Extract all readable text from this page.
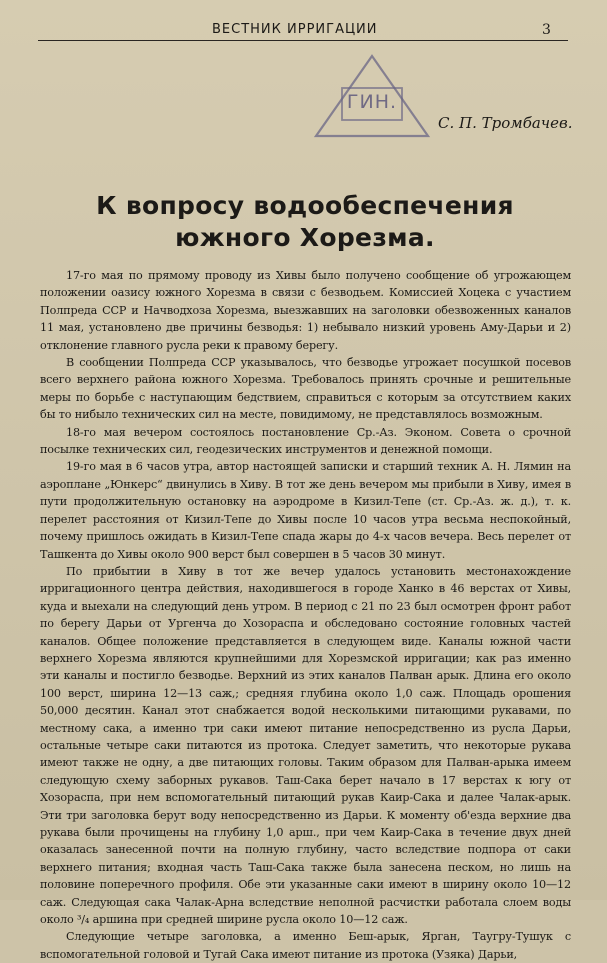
ВЕСТНИК ИРРИГАЦИИ	3
ГИН.
С. П. Тромбачев.
К вопросу водообеспечения южного Хорезма.

17-го мая по прямому проводу из Хивы было получено сообщение об угрожающем положении оазису южного Хорезма в связи с безводьем. Комиссией Хоцека с участием Полпреда ССР и Начводхоза Хорезма, выезжавших на заголовки обезвоженных каналов 11 мая, установлено две причины безводья: 1) небывало низкий уровень Аму-Дарьи и 2) отклонение главного русла реки к правому берегу.

В сообщении Полпреда ССР указывалось, что безводье угрожает посушкой посевов всего верхнего района южного Хорезма. Требовалось принять срочные и решительные меры по борьбе с наступающим бедствием, справиться с которым за отсутствием каких бы то нибыло технических сил на месте, повидимому, не представлялось возможным.

18-го мая вечером состоялось постановление Ср.-Аз. Эконом. Совета о срочной посылке технических сил, геодезических инструментов и денежной помощи.

19-го мая в 6 часов утра, автор настоящей записки и старший техник А. Н. Лямин на аэроплане „Юнкерс“ двинулись в Хиву. В тот же день вечером мы прибыли в Хиву, имея в пути продолжительную остановку на аэродроме в Кизил-Тепе (ст. Ср.-Аз. ж. д.), т. к. перелет расстояния от Кизил-Тепе до Хивы после 10 часов утра весьма неспокойный, почему пришлось ожидать в Кизил-Тепе спада жары до 4-х часов вечера. Весь перелет от Ташкента до Хивы около 900 верст был совершен в 5 часов 30 минут.

По прибытии в Хиву в тот же вечер удалось установить местонахождение ирригационного центра действия, находившегося в городе Ханко в 46 верстах от Хивы, куда и выехали на следующий день утром. В период с 21 по 23 был осмотрен фронт работ по берегу Дарьи от Ургенча до Хозораспа и обследовано состояние головных частей каналов. Общее положение представляется в следующем виде. Каналы южной части верхнего Хорезма являются крупнейшими для Хорезмской ирригации; как раз именно эти каналы и постигло безводье. Верхний из этих каналов Палван арык. Длина его около 100 верст, ширина 12—13 саж,; средняя глубина около 1,0 саж. Площадь орошения 50,000 десятин. Канал этот снабжается водой несколькими питающими рукавами, по местному сака, а именно три саки имеют питание непосредственно из русла Дарьи, остальные четыре саки питаются из протока. Следует заметить, что некоторые рукава имеют также не одну, а две питающих головы. Таким образом для Палван-арыка имеем следующую схему заборных рукавов. Таш-Сака берет начало в 17 верстах к югу от Хозораспа, при нем вспомогательный питающий рукав Каир-Сака и далее Чалак-арык. Эти три заголовка берут воду непосредственно из Дарьи. К моменту об'езда верхние два рукава были прочищены на глубину 1,0 арш., при чем Каир-Сака в течение двух дней оказалась занесенной почти на полную глубину, часто вследствие подпора от саки верхнего питания; входная часть Таш-Сака также была занесена песком, но лишь на половине поперечного профиля. Обе эти указанные саки имеют в ширину около 10—12 саж. Следующая сака Чалак-Арна вследствие неполной расчистки работала слоем воды около ³/₄ аршина при средней ширине русла около 10—12 саж.

Следующие четыре заголовка, а именно Беш-арык, Ярган, Таугру-Тушук с вспомогательной головой и Тугай Сака имеют питание из протока (Узяка) Дарьи,
